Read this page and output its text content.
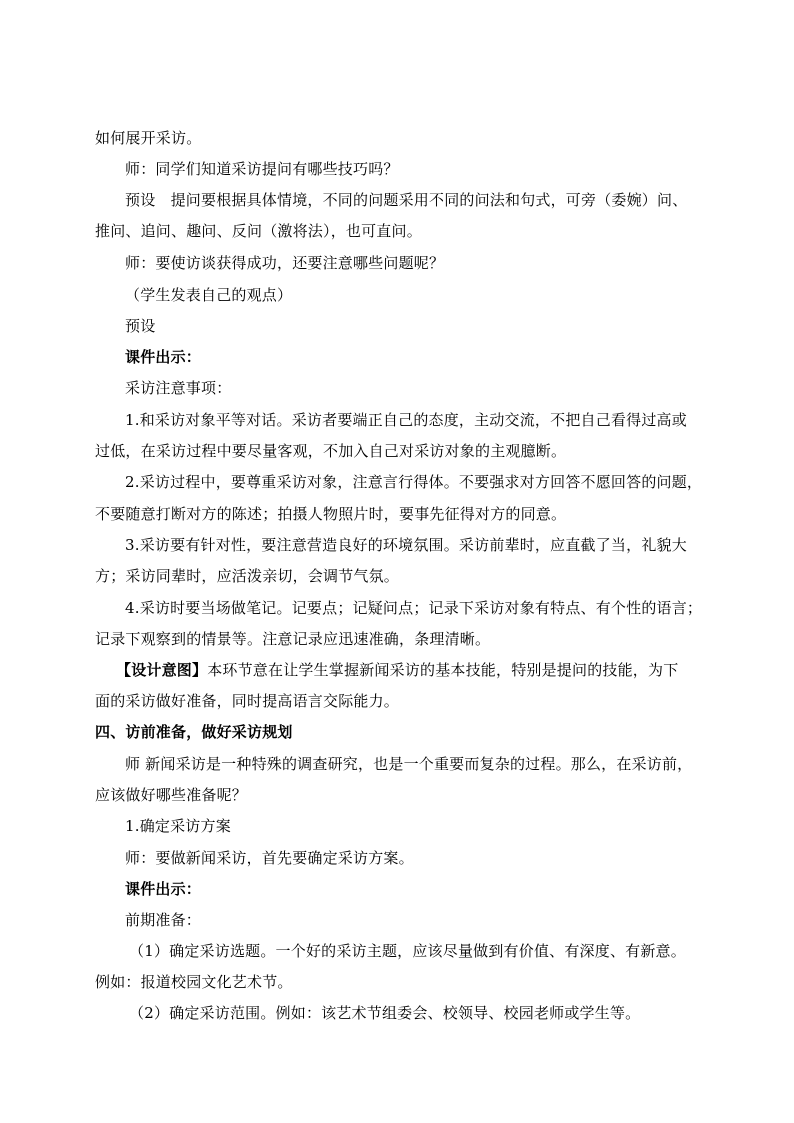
如何展开采访。
师：同学们知道采访提问有哪些技巧吗？
预设　提问要根据具体情境，不同的问题采用不同的问法和句式，可旁（委婉）问、
推问、追问、趣问、反问（激将法），也可直问。
师：要使访谈获得成功，还要注意哪些问题呢？
（学生发表自己的观点）
预设
课件出示：
采访注意事项：
1.和采访对象平等对话。采访者要端正自己的态度，主动交流，不把自己看得过高或
过低，在采访过程中要尽量客观，不加入自己对采访对象的主观臆断。
2.采访过程中，要尊重采访对象，注意言行得体。不要强求对方回答不愿回答的问题，
不要随意打断对方的陈述；拍摄人物照片时，要事先征得对方的同意。
3.采访要有针对性，要注意营造良好的环境氛围。采访前辈时，应直截了当，礼貌大
方；采访同辈时，应活泼亲切，会调节气氛。
4.采访时要当场做笔记。记要点；记疑问点；记录下采访对象有特点、有个性的语言；
记录下观察到的情景等。注意记录应迅速准确，条理清晰。
【设计意图】本环节意在让学生掌握新闻采访的基本技能，特别是提问的技能，为下
面的采访做好准备，同时提高语言交际能力。
四、访前准备，做好采访规划
师 新闻采访是一种特殊的调查研究，也是一个重要而复杂的过程。那么，在采访前，
应该做好哪些准备呢？
1.确定采访方案
师：要做新闻采访，首先要确定采访方案。
课件出示：
前期准备：
（1）确定采访选题。一个好的采访主题，应该尽量做到有价值、有深度、有新意。
例如：报道校园文化艺术节。
（2）确定采访范围。例如：该艺术节组委会、校领导、校园老师或学生等。
